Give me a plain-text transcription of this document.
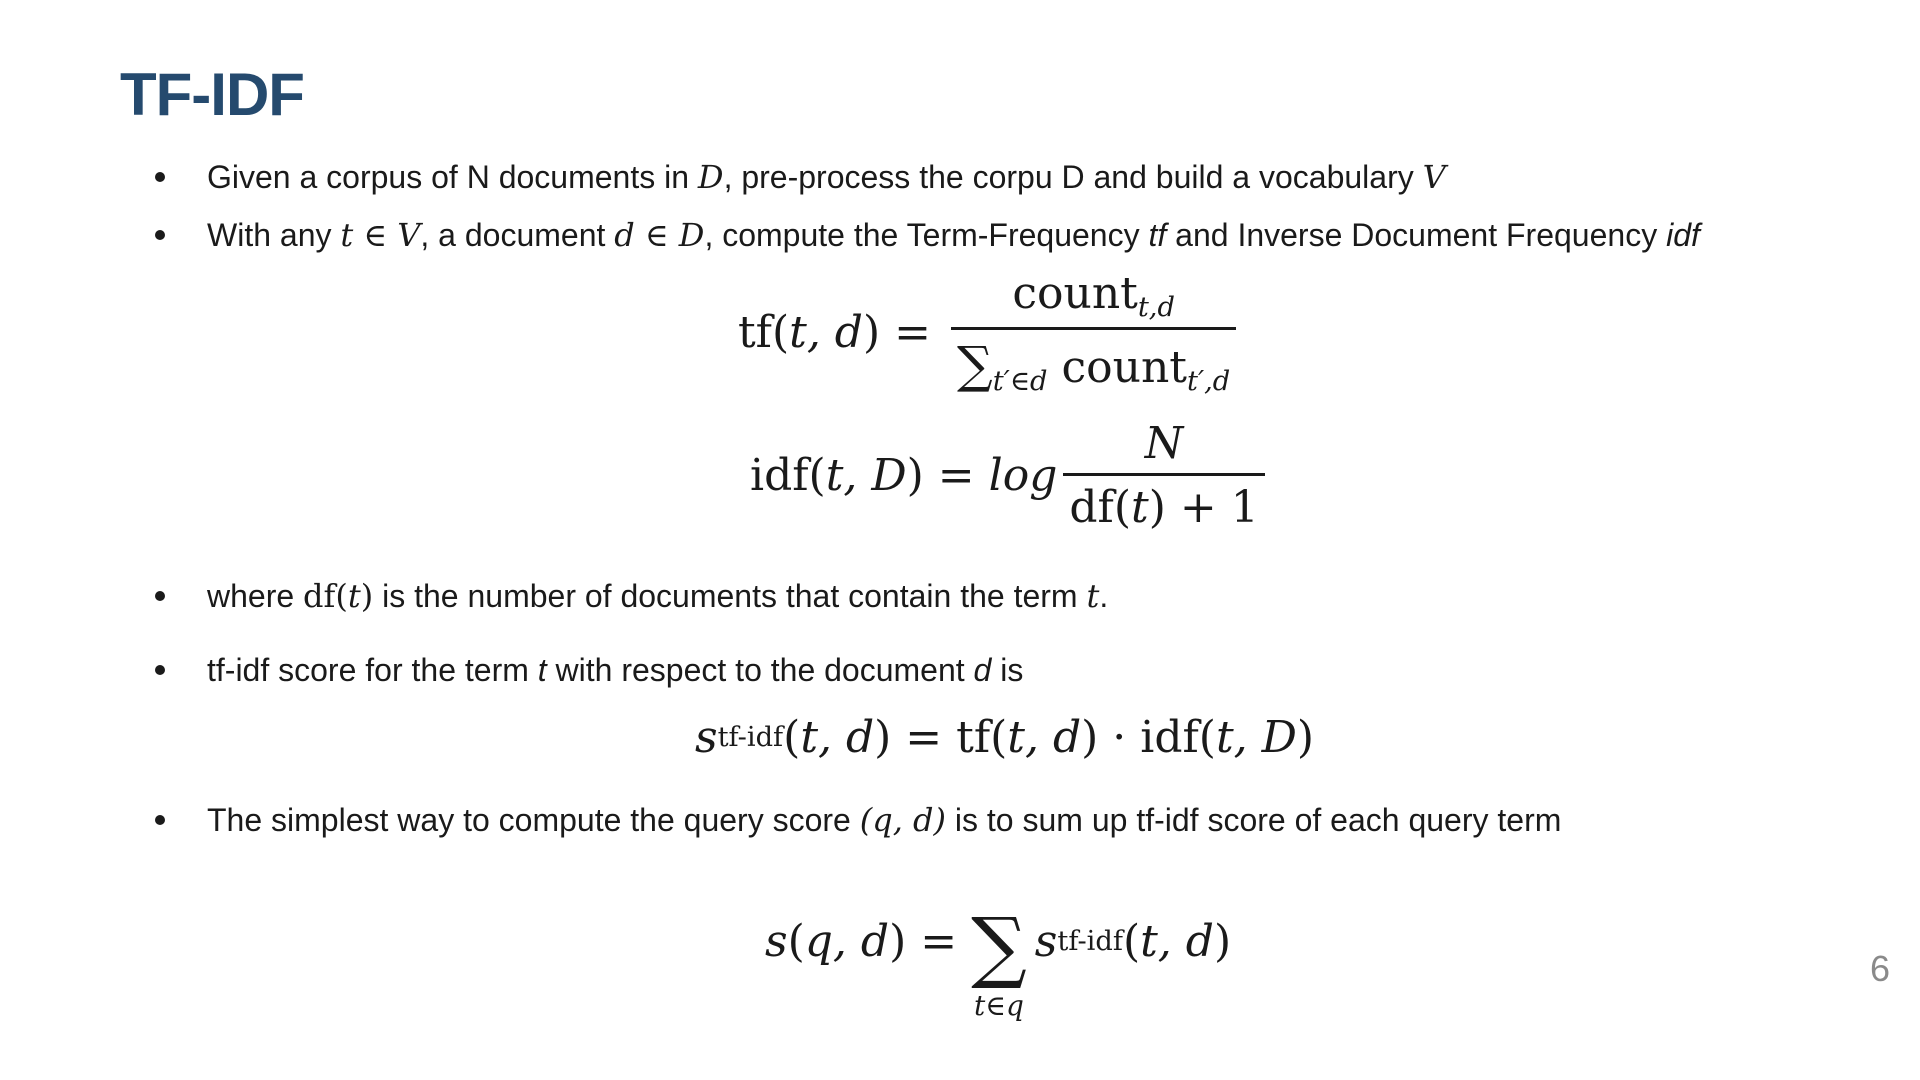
TF-IDF
Given a corpus of N documents in D, pre-process the corpu D and build a vocabulary V
With any t ∈ V, a document d ∈ D, compute the Term-Frequency tf and Inverse Document Frequency idf
tf( t, d ) = $\frac{count_{t,d}}{\sum_{t'\in d} count_{t',d}}$
idf( t, D ) = $\log \frac{N}{df(t) + 1}$
where df(t) is the number of documents that contain the term t.
tf-idf score for the term t with respect to the document d is
s tf-idf ( t, d ) = tf( t, d ) · idf( t, D )
The simplest way to compute the query score (q, d) is to sum up tf-idf score of each query term
s ( q, d ) = ∑
t∈q
s tf-idf ( t, d )
6
